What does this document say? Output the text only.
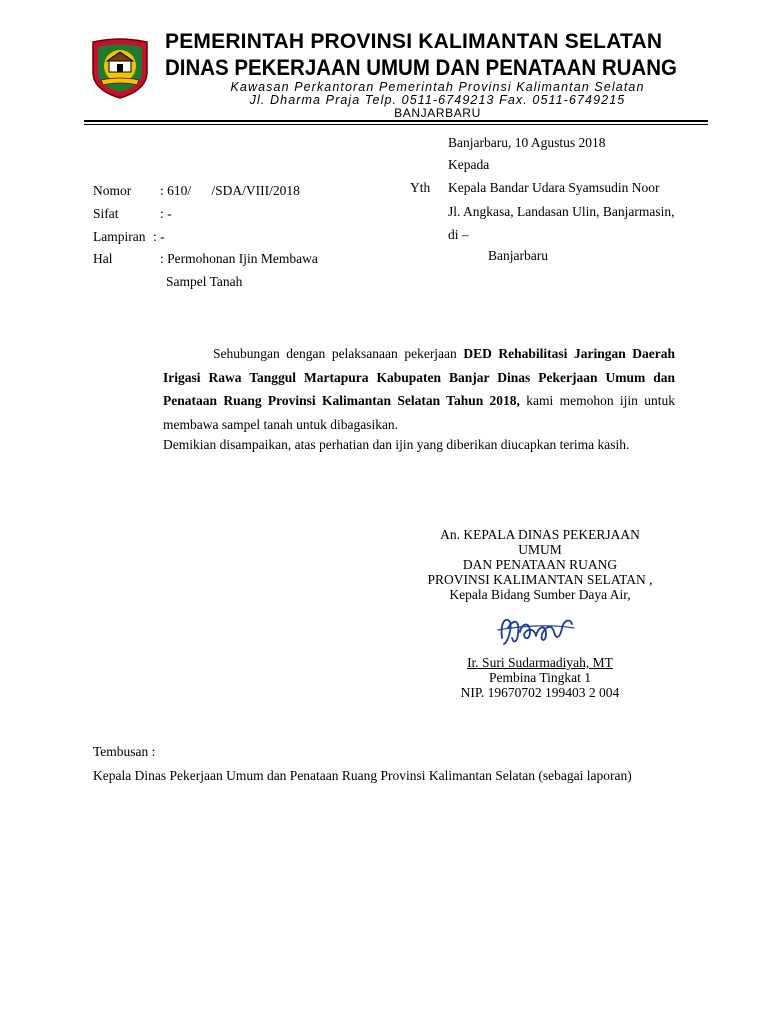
PEMERINTAH PROVINSI KALIMANTAN SELATAN
DINAS PEKERJAAN UMUM DAN PENATAAN RUANG
Kawasan Perkantoran Pemerintah Provinsi Kalimantan Selatan
Jl. Dharma Praja Telp. 0511-6749213 Fax. 0511-6749215
BANJARBARU
Banjarbaru, 10 Agustus 2018
Kepada
Yth Kepala Bandar Udara Syamsudin Noor
Jl. Angkasa, Landasan Ulin, Banjarmasin,
di –
Banjarbaru
Nomor : 610/      /SDA/VIII/2018
Sifat	: -
Lampiran : -
Hal	: Permohonan Ijin Membawa
Sampel Tanah
Sehubungan dengan pelaksanaan pekerjaan DED Rehabilitasi Jaringan Daerah Irigasi Rawa Tanggul Martapura Kabupaten Banjar Dinas Pekerjaan Umum dan Penataan Ruang Provinsi Kalimantan Selatan Tahun 2018, kami memohon ijin untuk membawa sampel tanah untuk dibagasikan.
Demikian disampaikan, atas perhatian dan ijin yang diberikan diucapkan terima kasih.
An. KEPALA DINAS PEKERJAAN
UMUM
DAN PENATAAN RUANG
PROVINSI KALIMANTAN SELATAN ,
Kepala Bidang Sumber Daya Air,
Ir. Suri Sudarmadiyah, MT
Pembina Tingkat 1
NIP. 19670702 199403 2 004
Tembusan :
Kepala Dinas Pekerjaan Umum dan Penataan Ruang Provinsi Kalimantan Selatan (sebagai laporan)
